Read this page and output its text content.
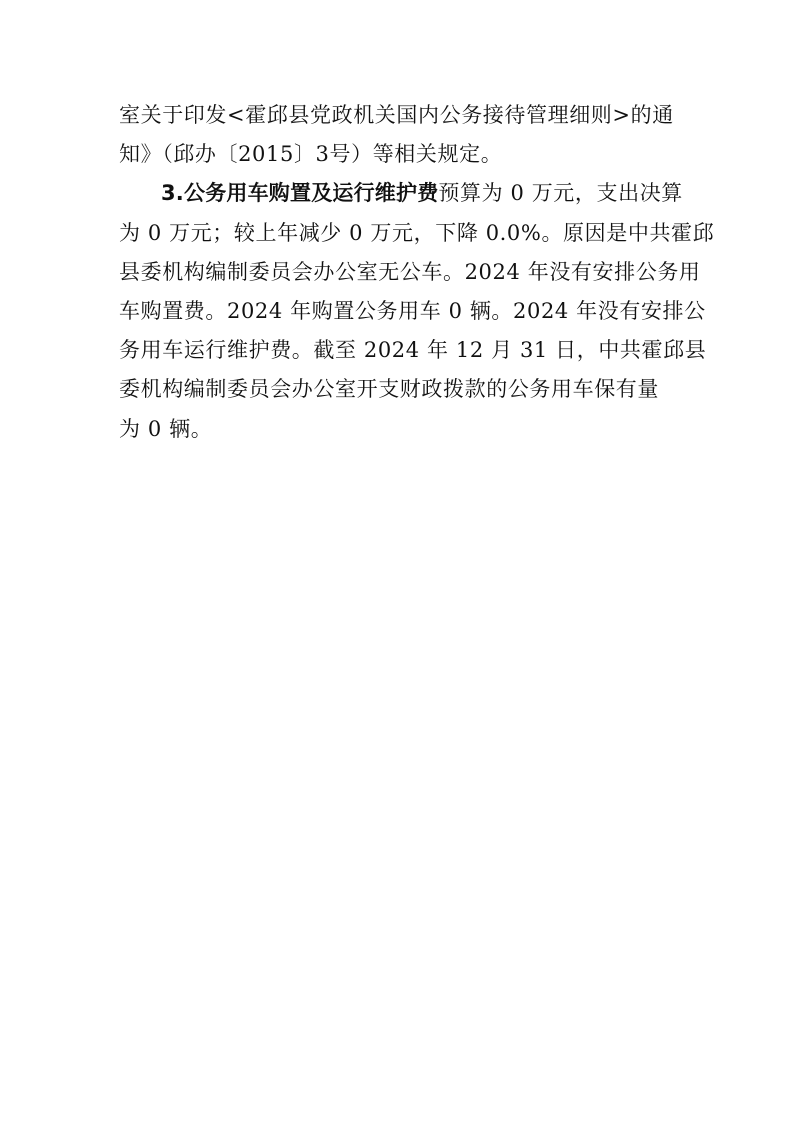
室关于印发<霍邱县党政机关国内公务接待管理细则>的通
知》（邱办〔2015〕3号）等相关规定。
3.公务用车购置及运行维护费预算为 0 万元，支出决算
为 0 万元；较上年减少 0 万元，下降 0.0%。原因是中共霍邱
县委机构编制委员会办公室无公车。2024 年没有安排公务用
车购置费。2024 年购置公务用车 0 辆。2024 年没有安排公
务用车运行维护费。截至 2024 年 12 月 31 日，中共霍邱县
委机构编制委员会办公室开支财政拨款的公务用车保有量
为 0 辆。
